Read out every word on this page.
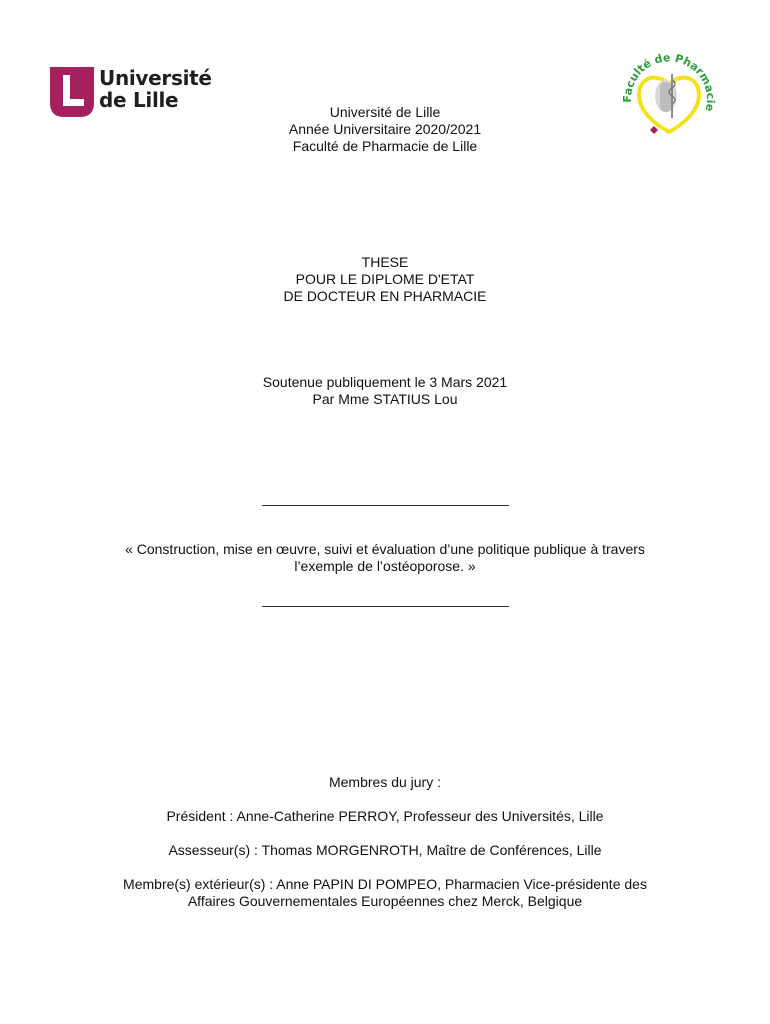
Université
de Lille	Faculté de Pharmacie
Université de Lille
Année Universitaire 2020/2021
Faculté de Pharmacie de Lille
THESE
POUR LE DIPLOME D'ETAT
DE DOCTEUR EN PHARMACIE
Soutenue publiquement le 3 Mars 2021
Par Mme STATIUS Lou
« Construction, mise en œuvre, suivi et évaluation d’une politique publique à travers
l’exemple de l’ostéoporose. »
Membres du jury :
Président : Anne-Catherine PERROY, Professeur des Universités, Lille
Assesseur(s) : Thomas MORGENROTH, Maître de Conférences, Lille
Membre(s) extérieur(s) : Anne PAPIN DI POMPEO, Pharmacien Vice-présidente des
Affaires Gouvernementales Européennes chez Merck, Belgique
